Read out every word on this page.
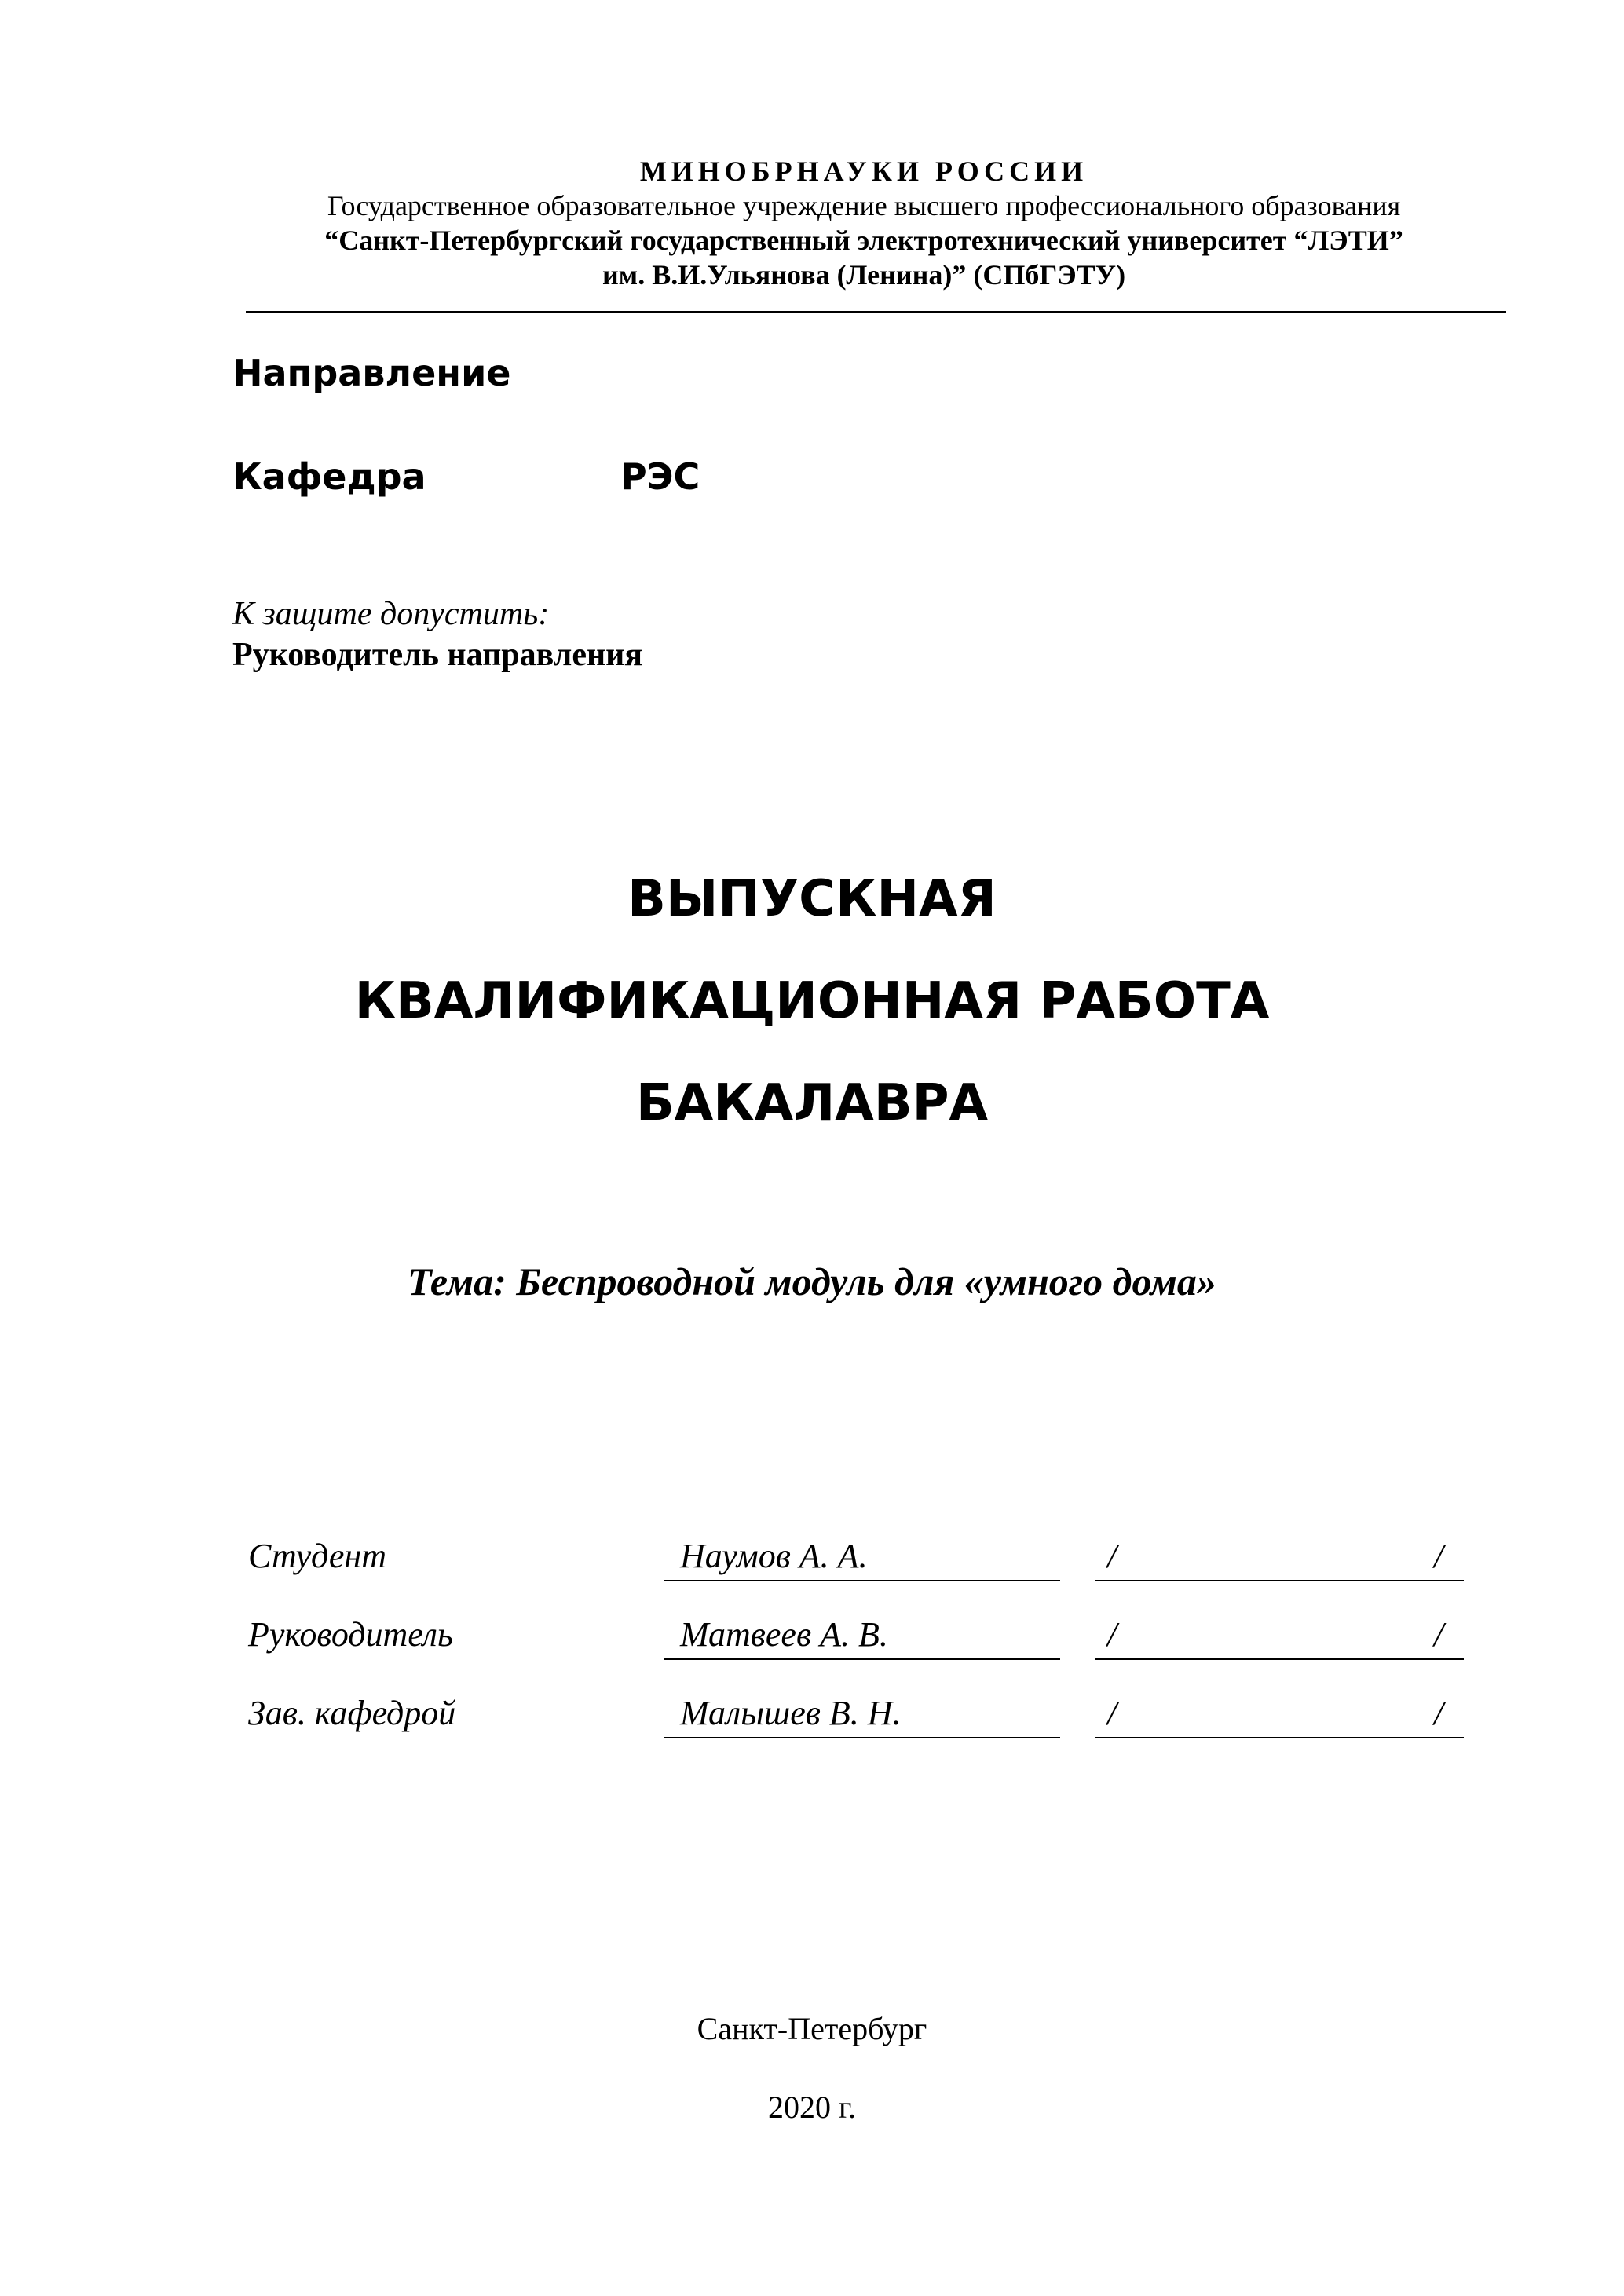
МИНОБРНАУКИ РОССИИ
Государственное образовательное учреждение высшего профессионального образования
“Санкт-Петербургский государственный электротехнический университет “ЛЭТИ”
им. В.И.Ульянова (Ленина)” (СПбГЭТУ)
Направление
Кафедра	РЭС
К защите допустить:
Руководитель направления
ВЫПУСКНАЯ
КВАЛИФИКАЦИОННАЯ РАБОТА
БАКАЛАВРА
Тема: Беспроводной модуль для «умного дома»
Студент	Наумов А. А.	/	/
Руководитель	Матвеев А. В.	/	/
Зав. кафедрой	Малышев В. Н.	/	/
Санкт-Петербург
2020 г.
